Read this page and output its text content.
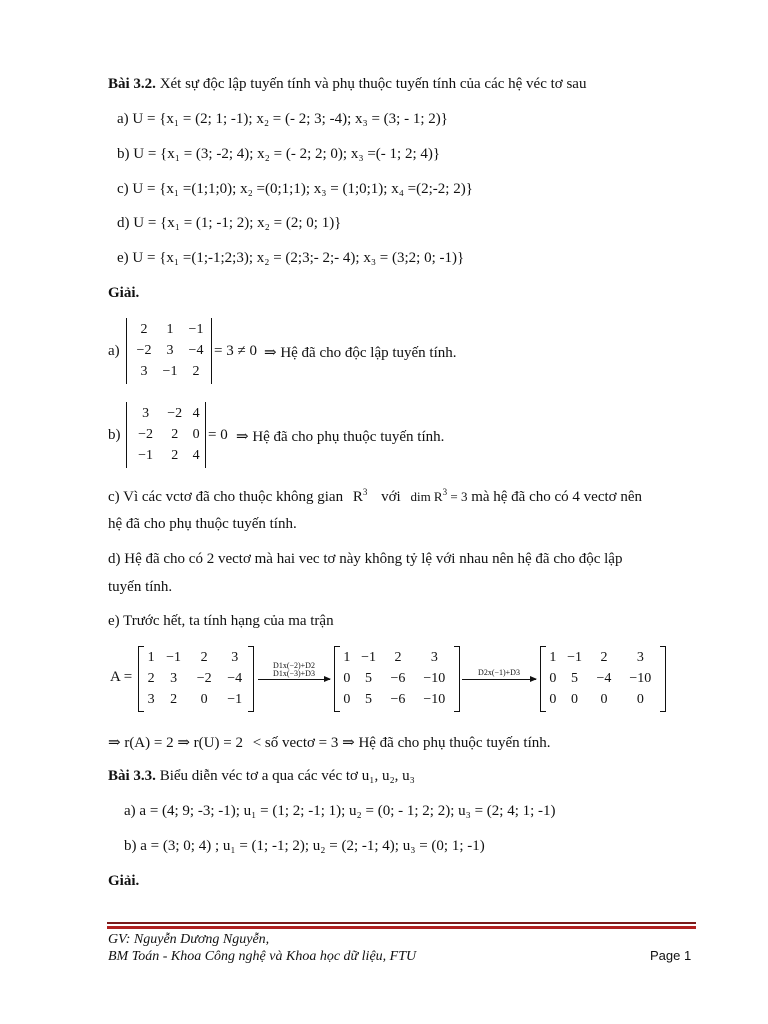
Bài 3.2. Xét sự độc lập tuyến tính và phụ thuộc tuyến tính của các hệ véc tơ sau
a) U = {x₁ = (2; 1; -1); x₂ = (- 2; 3; -4); x₃ = (3; - 1; 2)}
b) U = {x₁ = (3; -2; 4); x₂ = (- 2; 2; 0); x₃ =(- 1; 2; 4)}
c) U = {x₁ =(1;1;0); x₂ =(0;1;1); x₃ = (1;0;1); x₄ =(2;-2; 2)}
d) U = {x₁ = (1; -1; 2); x₂ = (2; 0; 1)}
e) U = {x₁ =(1;-1;2;3); x₂ = (2;3;- 2;- 4); x₃ = (3;2; 0; -1)}
Giải.
a)
2	1	−1
−2	3	−4
3	−1	2
= 3 ≠ 0 ⇒ Hệ đã cho độc lập tuyến tính.
b)
3	−2	4
−2	2	0
−1	2	4
= 0 ⇒ Hệ đã cho phụ thuộc tuyến tính.
c) Vì các vctơ đã cho thuộc không gian $R^3$ với dim $R^3 = 3$ mà hệ đã cho có 4 vectơ nên
hệ đã cho phụ thuộc tuyến tính.
d) Hệ đã cho có 2 vectơ mà hai vec tơ này không tỷ lệ với nhau nên hệ đã cho độc lập
tuyến tính.
e) Trước hết, ta tính hạng của ma trận
A =
1	−1	2	3
2	3	−2	−4
3	2	0	−1
D1x(−2)+D2
D1x(−3)+D3
1	−1	2	3
0	5	−6	−10
0	5	−6	−10
D2x(−1)+D3
1	−1	2	3
0	5	−4	−10
0	0	0	0
⇒ r(A) = 2 ⇒ r(U) = 2 < số vectơ = 3 ⇒ Hệ đã cho phụ thuộc tuyến tính.
Bài 3.3. Biểu diễn véc tơ a qua các véc tơ u₁, u₂, u₃
a) a = (4; 9; -3; -1); u₁ = (1; 2; -1; 1); u₂ = (0; - 1; 2; 2); u₃ = (2; 4; 1; -1)
b) a = (3; 0; 4) ; u₁ = (1; -1; 2); u₂ = (2; -1; 4); u₃ = (0; 1; -1)
Giải.
GV: Nguyễn Dương Nguyễn,
BM Toán - Khoa Công nghệ và Khoa học dữ liệu, FTU	Page 1
